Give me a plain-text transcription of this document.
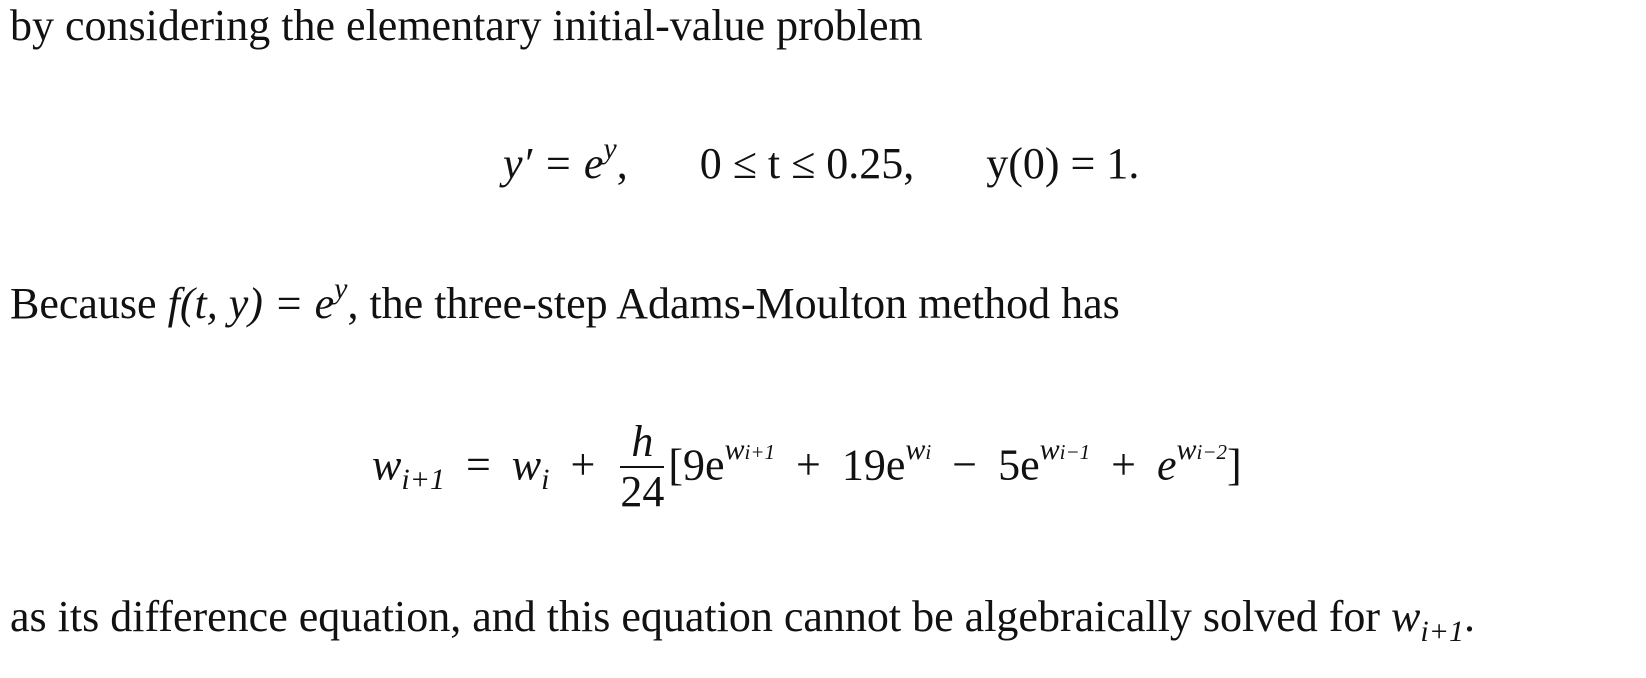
by considering the elementary initial-value problem
$y' = e^y$, 0 ≤ t ≤ 0.25, y(0) = 1.
Because f(t, $y) = e^y$, the three-step Adams-Moulton method has
$w_{i+1} = w_i + \frac{h}{24} [9e^{wi+1} + 19e^{wi} - 5e^{wi-1} + e^{wi-2}]$
as its difference equation, and this equation cannot be algebraically solved for $w_{i+1}$.
